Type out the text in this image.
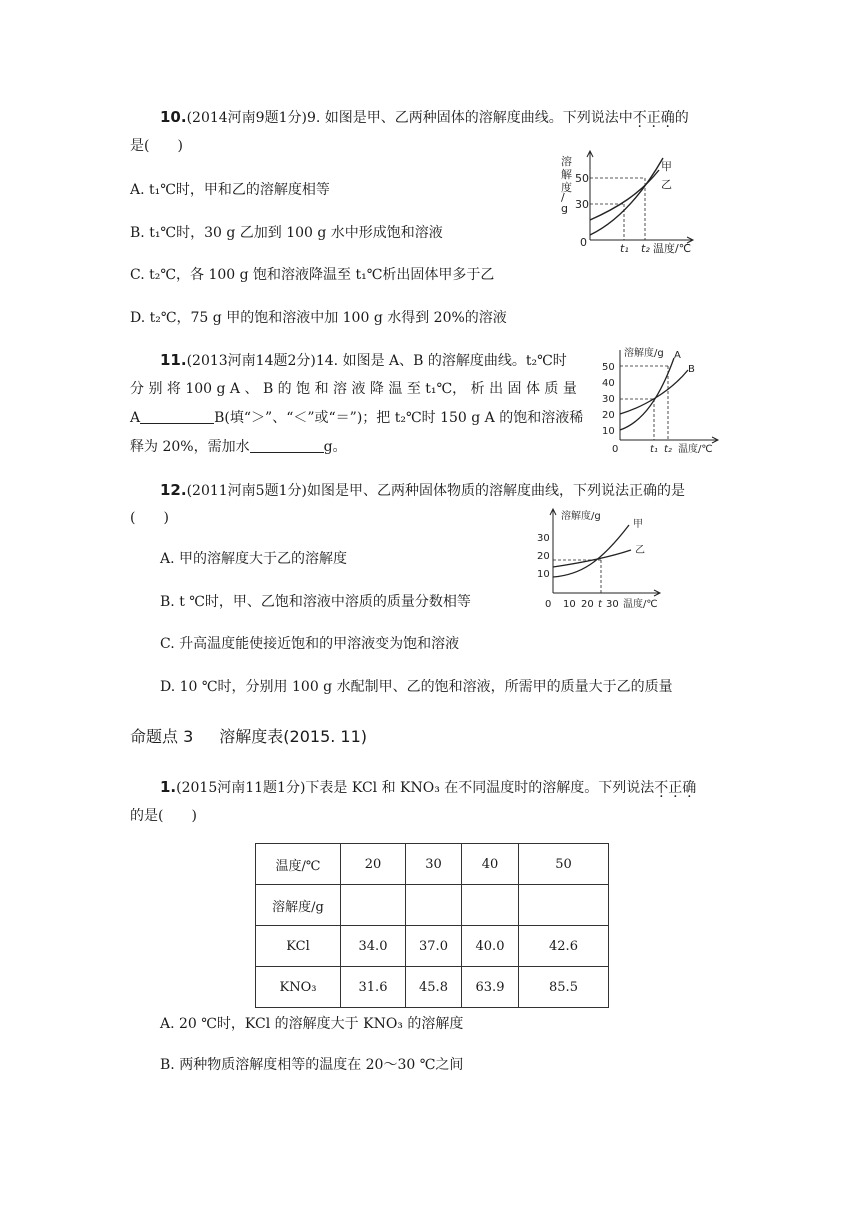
10.(2014河南9题1分)9. 如图是甲、乙两种固体的溶解度曲线。下列说法中不正确的
是(　　)
A. t₁℃时，甲和乙的溶解度相等
B. t₁℃时，30 g 乙加到 100 g 水中形成饱和溶液
C. t₂℃，各 100 g 饱和溶液降温至 t₁℃析出固体甲多于乙
D. t₂℃，75 g 甲的饱和溶液中加 100 g 水得到 20%的溶液
溶
解
度
/
g
50
30
0	t₁ t₂ 温度/℃
甲
乙
11.(2013河南14题2分)14. 如图是 A、B 的溶解度曲线。t₂℃时
分 别 将 100 g A 、 B 的 饱 和 溶 液 降 温 至 t₁℃， 析 出 固 体 质 量
A	B(填“＞”、“＜”或“＝”)；把 t₂℃时 150 g A 的饱和溶液稀
释为 20%，需加水	g。
溶解度/g
50
40
30
20
10
0	t₁ t₂ 温度/℃
A
B
12.(2011河南5题1分)如图是甲、乙两种固体物质的溶解度曲线，下列说法正确的是
(　　)
A. 甲的溶解度大于乙的溶解度
B. t ℃时，甲、乙饱和溶液中溶质的质量分数相等
C. 升高温度能使接近饱和的甲溶液变为饱和溶液
D. 10 ℃时，分别用 100 g 水配制甲、乙的饱和溶液，所需甲的质量大于乙的质量
溶解度/g
30
20
10
0 10 20 t 30 温度/℃
甲
乙
命题点 3 溶解度表(2015. 11)
1.(2015河南11题1分)下表是 KCl 和 KNO₃ 在不同温度时的溶解度。下列说法不正确
的是(　　)
温度/℃	20	30	40	50
溶解度/g				
KCl	34.0	37.0	40.0	42.6
KNO₃	31.6	45.8	63.9	85.5
A. 20 ℃时，KCl 的溶解度大于 KNO₃ 的溶解度
B. 两种物质溶解度相等的温度在 20～30 ℃之间
